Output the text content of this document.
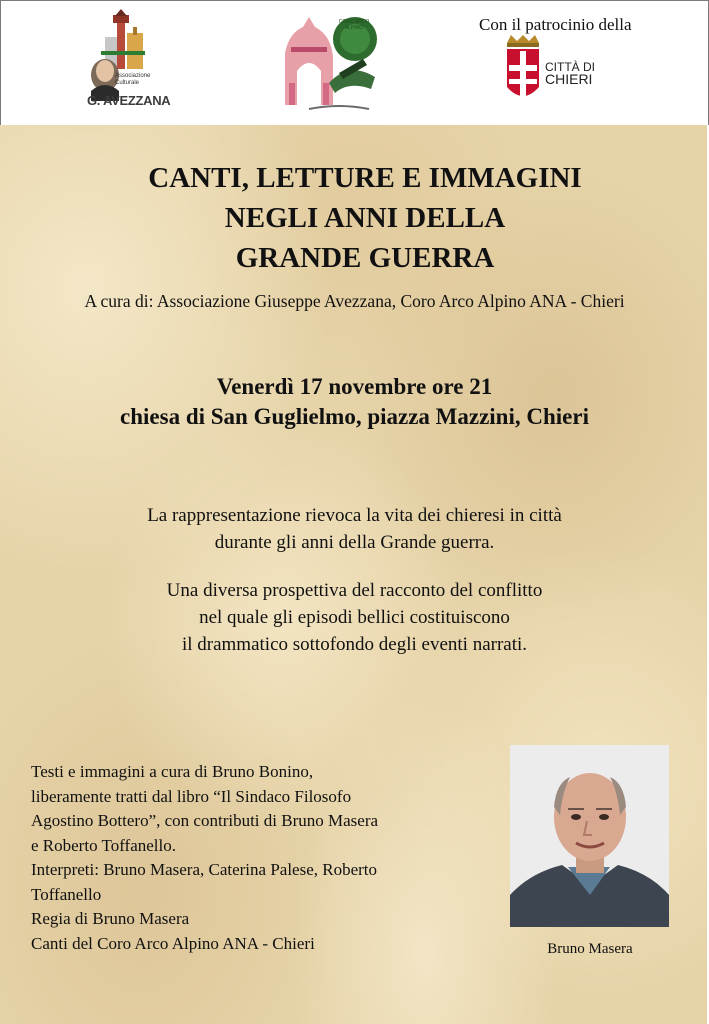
Associazione Culturale
G. AVEZZANA
CORO ARCO ALPINO	Con il patrocinio della
CITTÀ DI
CHIERI
CANTI, LETTURE E IMMAGINI
NEGLI ANNI DELLA
GRANDE GUERRA
A cura di: Associazione Giuseppe Avezzana, Coro Arco Alpino ANA - Chieri
Venerdì 17 novembre ore 21
chiesa di San Guglielmo, piazza Mazzini, Chieri
La rappresentazione rievoca la vita dei chieresi in città
durante gli anni della Grande guerra.
Una diversa prospettiva del racconto del conflitto
nel quale gli episodi bellici costituiscono
il drammatico sottofondo degli eventi narrati.
Testi e immagini a cura di Bruno Bonino,
liberamente tratti dal libro “Il Sindaco Filosofo
Agostino Bottero”, con contributi di Bruno Masera
e Roberto Toffanello.
Interpreti: Bruno Masera, Caterina Palese, Roberto
Toffanello
Regia di Bruno Masera
Canti del Coro Arco Alpino ANA - Chieri	Bruno Masera
